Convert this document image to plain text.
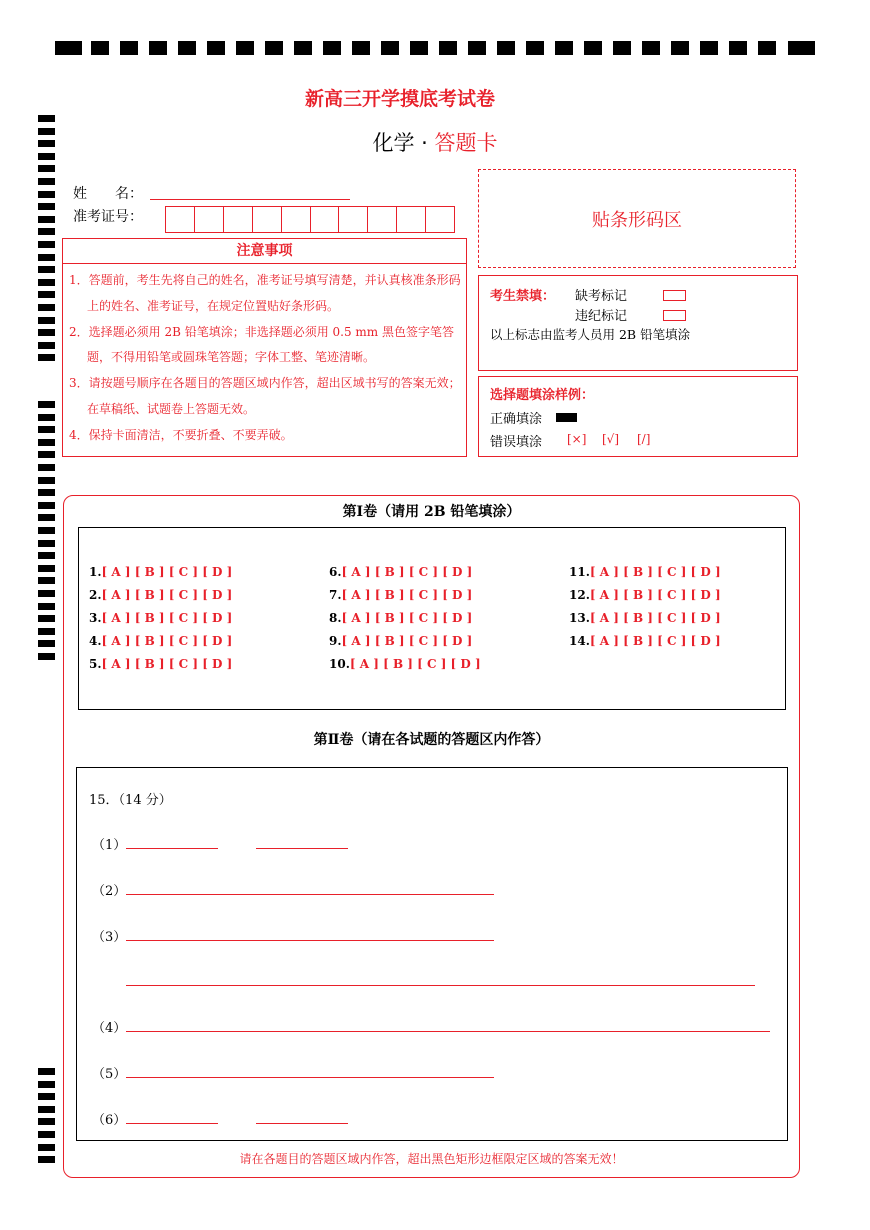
新高三开学摸底考试卷
化学 · 答题卡
姓　　名：
准考证号：	贴条形码区
注意事项

1．答题前，考生先将自己的姓名，准考证号填写清楚，并认真核准条形码上的姓名、准考证号，在规定位置贴好条形码。

2．选择题必须用 2B 铅笔填涂；非选择题必须用 0.5 mm 黑色签字笔答题，不得用铅笔或圆珠笔答题；字体工整、笔迹清晰。

3．请按题号顺序在各题目的答题区域内作答，超出区域书写的答案无效；在草稿纸、试题卷上答题无效。

4．保持卡面清洁，不要折叠、不要弄破。

考生禁填： 缺考标记
违纪标记
以上标志由监考人员用 2B 铅笔填涂
选择题填涂样例：
正确填涂
错误填涂 [×] [√] [/]
第Ⅰ卷（请用 2B 铅笔填涂）
1.[ A ] [ B ] [ C ] [ D ]
2.[ A ] [ B ] [ C ] [ D ]
3.[ A ] [ B ] [ C ] [ D ]
4.[ A ] [ B ] [ C ] [ D ]
5.[ A ] [ B ] [ C ] [ D ]
6.[ A ] [ B ] [ C ] [ D ]
7.[ A ] [ B ] [ C ] [ D ]
8.[ A ] [ B ] [ C ] [ D ]
9.[ A ] [ B ] [ C ] [ D ]
10.[ A ] [ B ] [ C ] [ D ]
11.[ A ] [ B ] [ C ] [ D ]
12.[ A ] [ B ] [ C ] [ D ]
13.[ A ] [ B ] [ C ] [ D ]
14.[ A ] [ B ] [ C ] [ D ]
第Ⅱ卷（请在各试题的答题区内作答）
15．（14 分）
（1）
（2）
（3）
（4）
（5）
（6）
请在各题目的答题区域内作答，超出黑色矩形边框限定区域的答案无效！
